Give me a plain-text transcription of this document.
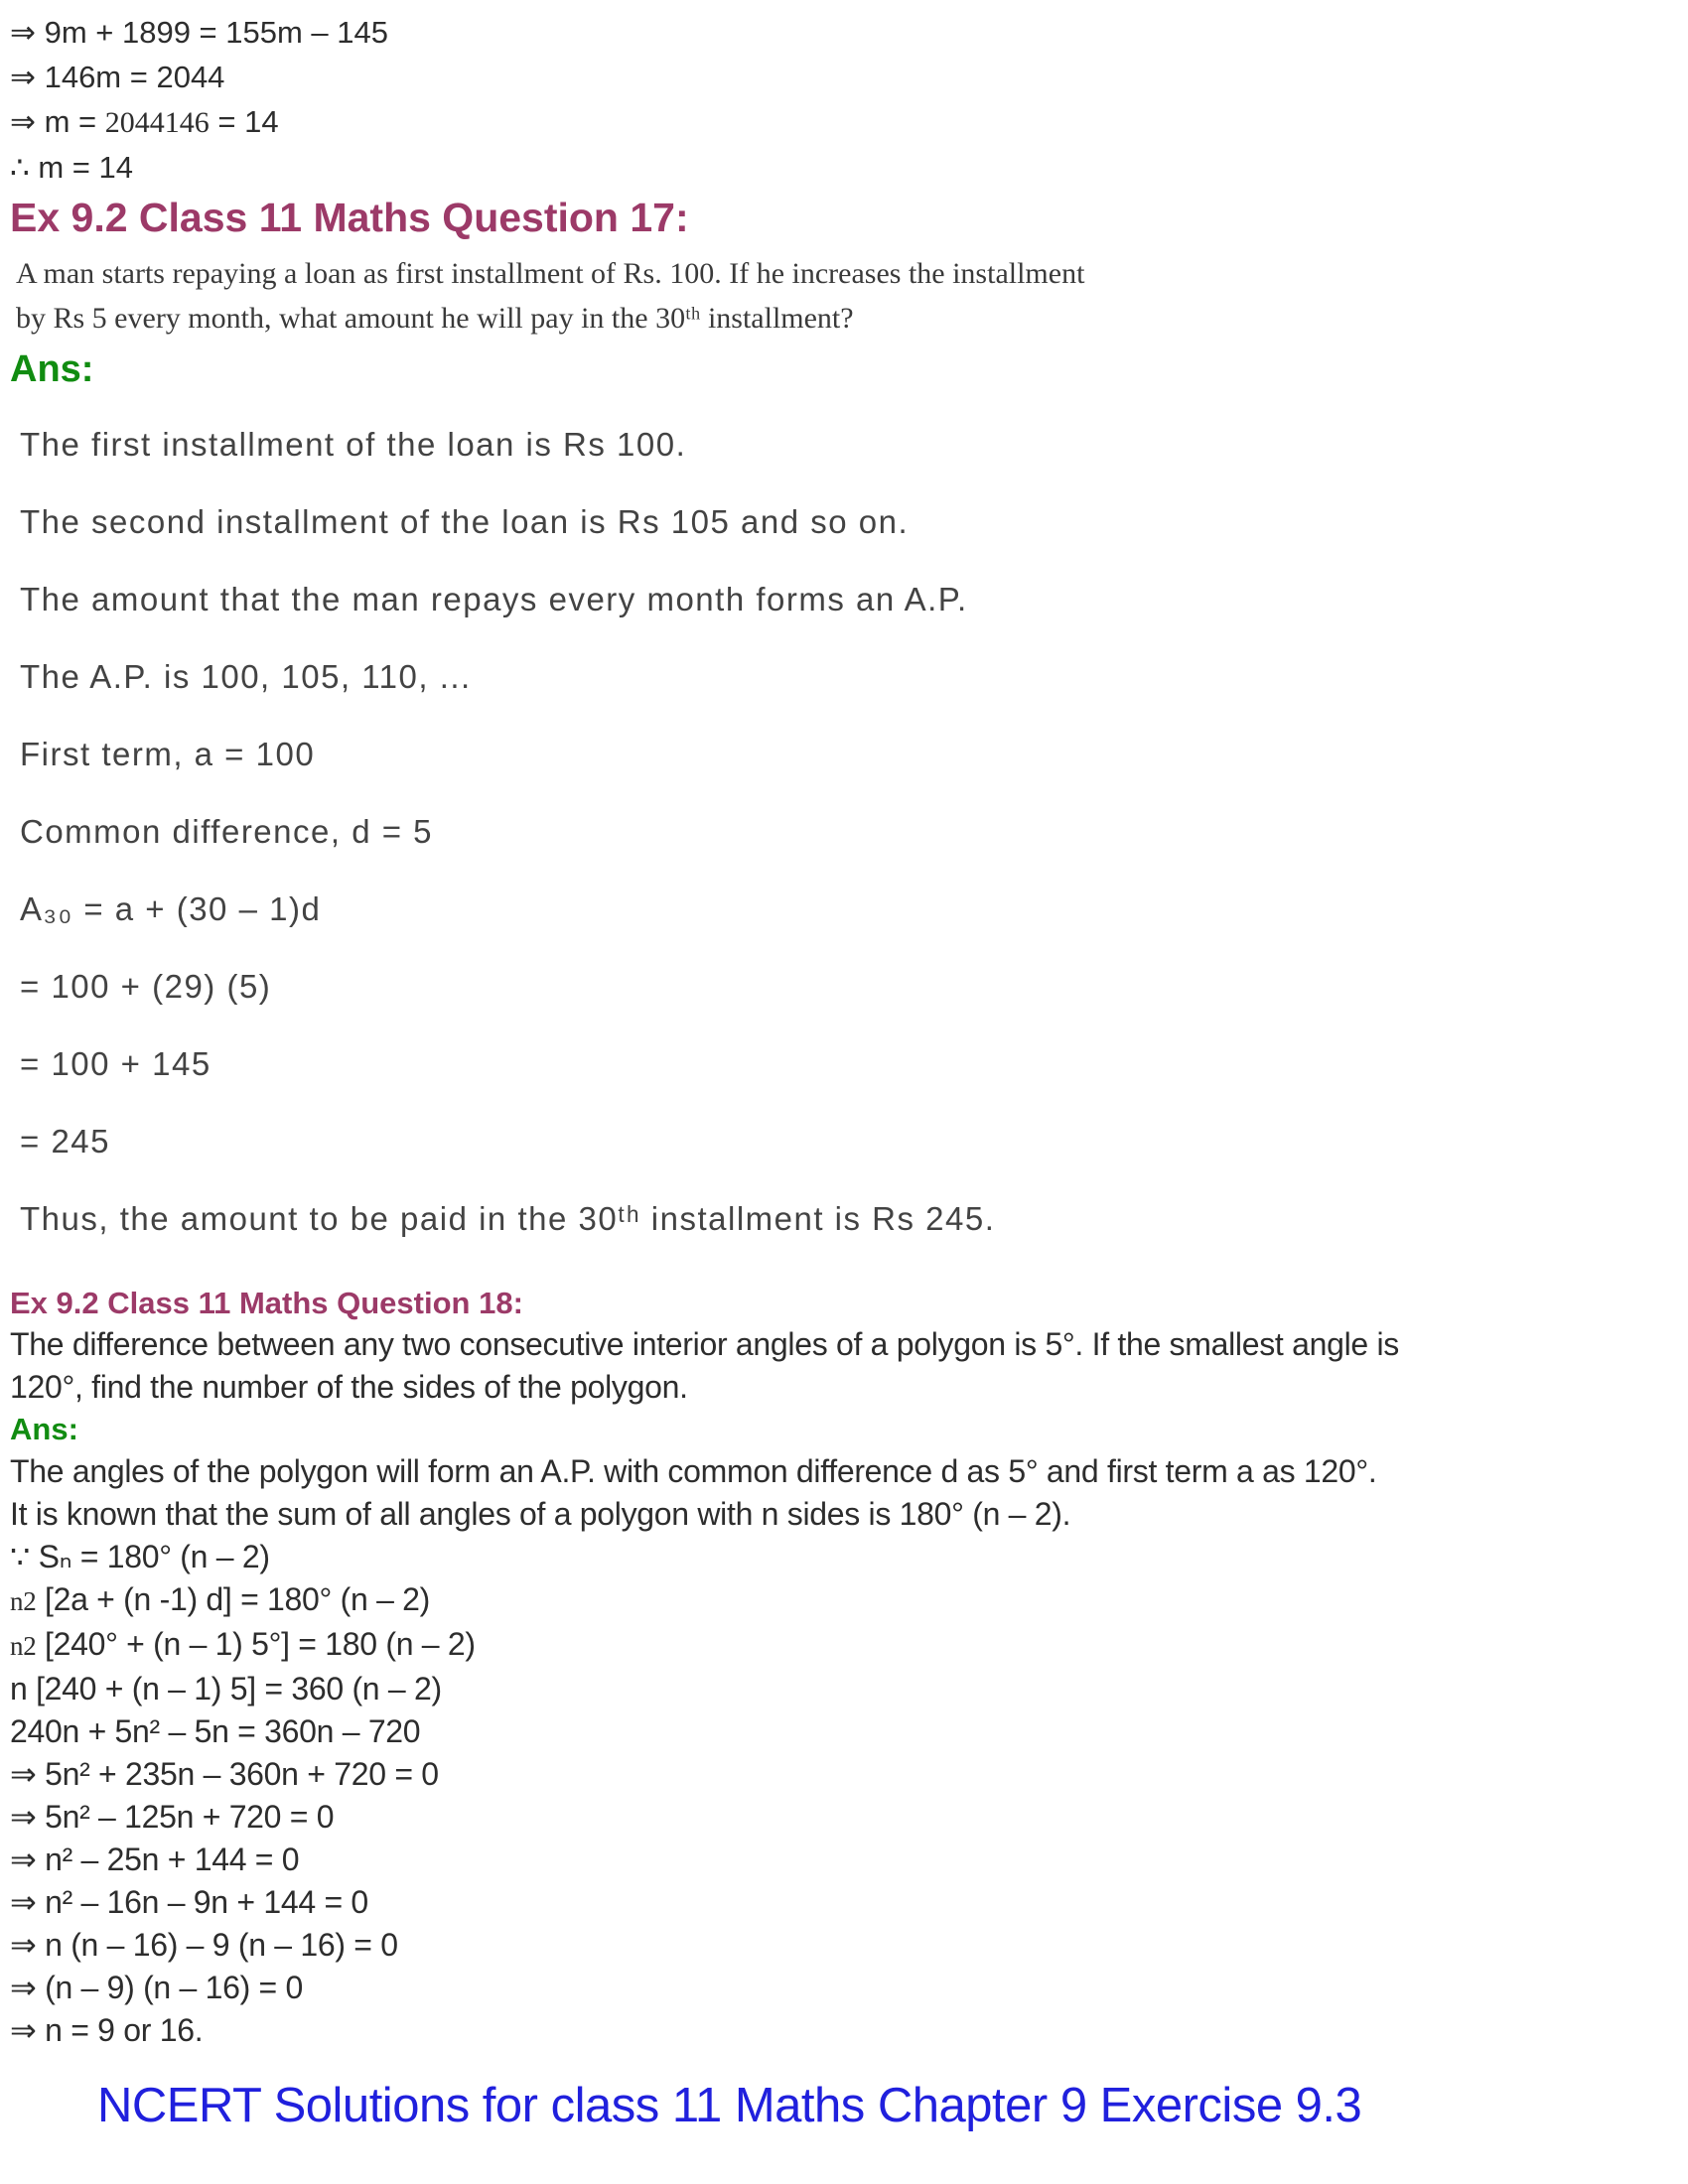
⇒ 9m + 1899 = 155m – 145
⇒ 146m = 2044
⇒ m = 2044146 = 14
∴ m = 14
Ex 9.2 Class 11 Maths Question 17:
A man starts repaying a loan as first installment of Rs. 100. If he increases the installment
by Rs 5 every month, what amount he will pay in the 30ᵗʰ installment?
Ans:
The first installment of the loan is Rs 100.
The second installment of the loan is Rs 105 and so on.
The amount that the man repays every month forms an A.P.
The A.P. is 100, 105, 110, ...
First term, a = 100
Common difference, d = 5
A₃₀ = a + (30 – 1)d
= 100 + (29) (5)
= 100 + 145
= 245
Thus, the amount to be paid in the 30ᵗʰ installment is Rs 245.
Ex 9.2 Class 11 Maths Question 18:
The difference between any two consecutive interior angles of a polygon is 5°. If the smallest angle is
120°, find the number of the sides of the polygon.
Ans:
The angles of the polygon will form an A.P. with common difference d as 5° and first term a as 120°.
It is known that the sum of all angles of a polygon with n sides is 180° (n – 2).
∵ Sₙ = 180° (n – 2)
n2 [2a + (n -1) d] = 180° (n – 2)
n2 [240° + (n – 1) 5°] = 180 (n – 2)
n [240 + (n – 1) 5] = 360 (n – 2)
240n + 5n² – 5n = 360n – 720
⇒ 5n² + 235n – 360n + 720 = 0
⇒ 5n² – 125n + 720 = 0
⇒ n² – 25n + 144 = 0
⇒ n² – 16n – 9n + 144 = 0
⇒ n (n – 16) – 9 (n – 16) = 0
⇒ (n – 9) (n – 16) = 0
⇒ n = 9 or 16.
NCERT Solutions for class 11 Maths Chapter 9 Exercise 9.3
